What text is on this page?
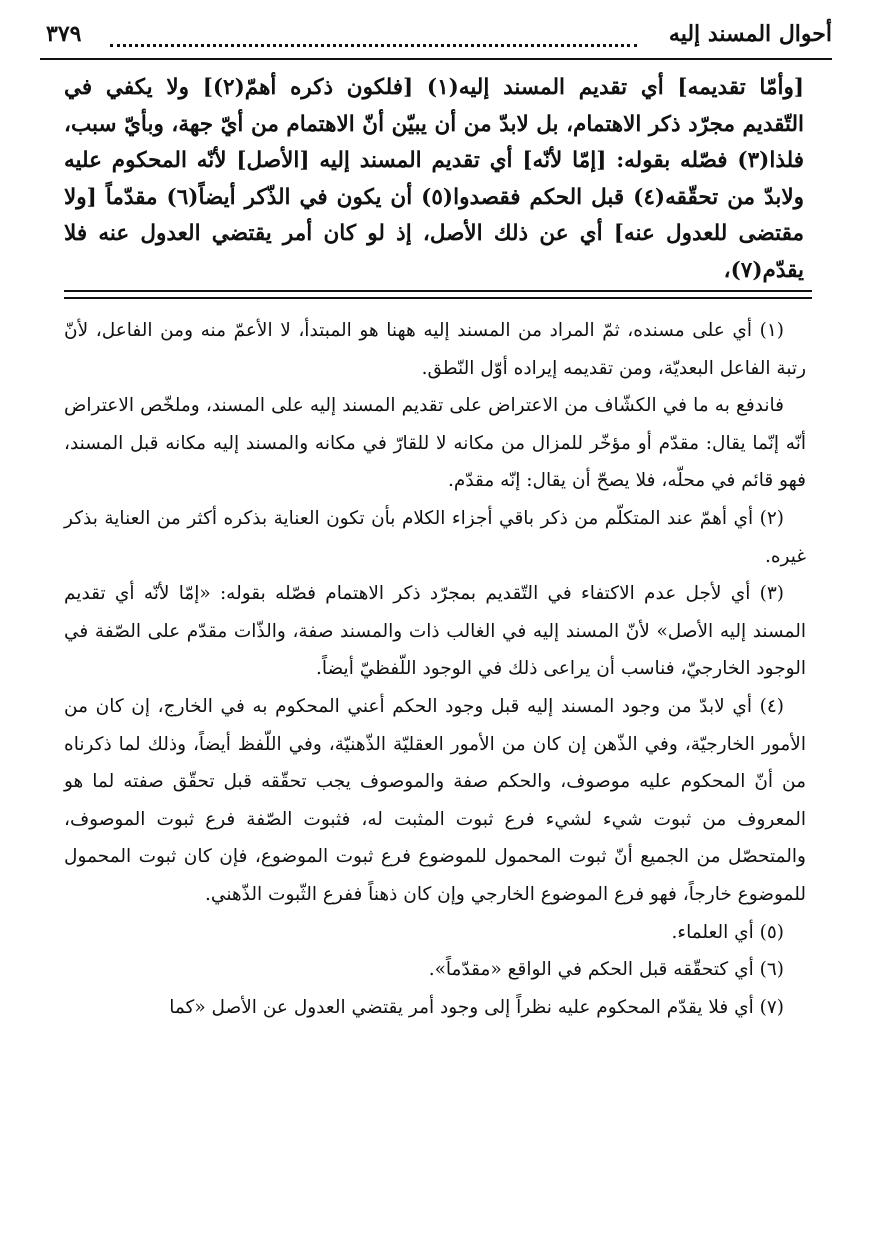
أحوال المسند إليه
٣٧٩

[وأمّا تقديمه] أي تقديم المسند إليه(١) [فلكون ذكره أهمّ(٢)] ولا يكفي في التّقديم مجرّد ذكر الاهتمام، بل لابدّ من أن يبيّن أنّ الاهتمام من أيّ جهة، وبأيّ سبب، فلذا(٣) فصّله بقوله: [إمّا لأنّه] أي تقديم المسند إليه [الأصل] لأنّه المحكوم عليه ولابدّ من تحقّقه(٤) قبل الحكم فقصدوا(٥) أن يكون في الذّكر أيضاً(٦) مقدّماً [ولا مقتضى للعدول عنه] أي عن ذلك الأصل، إذ لو كان أمر يقتضي العدول عنه فلا يقدّم(٧)،

(١) أي على مسنده، ثمّ المراد من المسند إليه ههنا هو المبتدأ، لا الأعمّ منه ومن الفاعل، لأنّ رتبة الفاعل البعديّة، ومن تقديمه إيراده أوّل النّطق.

فاندفع به ما في الكشّاف من الاعتراض على تقديم المسند إليه على المسند، وملخّص الاعتراض أنّه إنّما يقال: مقدّم أو مؤخّر للمزال من مكانه لا للقارّ في مكانه والمسند إليه مكانه قبل المسند، فهو قائم في محلّه، فلا يصحّ أن يقال: إنّه مقدّم.

(٢) أي أهمّ عند المتكلّم من ذكر باقي أجزاء الكلام بأن تكون العناية بذكره أكثر من العناية بذكر غيره.

(٣) أي لأجل عدم الاكتفاء في التّقديم بمجرّد ذكر الاهتمام فصّله بقوله: «إمّا لأنّه أي تقديم المسند إليه الأصل» لأنّ المسند إليه في الغالب ذات والمسند صفة، والذّات مقدّم على الصّفة في الوجود الخارجيّ، فناسب أن يراعى ذلك في الوجود اللّفظيّ أيضاً.

(٤) أي لابدّ من وجود المسند إليه قبل وجود الحكم أعني المحكوم به في الخارج، إن كان من الأمور الخارجيّة، وفي الذّهن إن كان من الأمور العقليّة الذّهنيّة، وفي اللّفظ أيضاً، وذلك لما ذكرناه من أنّ المحكوم عليه موصوف، والحكم صفة والموصوف يجب تحقّقه قبل تحقّق صفته لما هو المعروف من ثبوت شيء لشيء فرع ثبوت المثبت له، فثبوت الصّفة فرع ثبوت الموصوف، والمتحصّل من الجميع أنّ ثبوت المحمول للموضوع فرع ثبوت الموضوع، فإن كان ثبوت المحمول للموضوع خارجاً، فهو فرع الموضوع الخارجي وإن كان ذهناً ففرع الثّبوت الذّهني.

(٥) أي العلماء.

(٦) أي كتحقّقه قبل الحكم في الواقع «مقدّماً».

(٧) أي فلا يقدّم المحكوم عليه نظراً إلى وجود أمر يقتضي العدول عن الأصل «كما
